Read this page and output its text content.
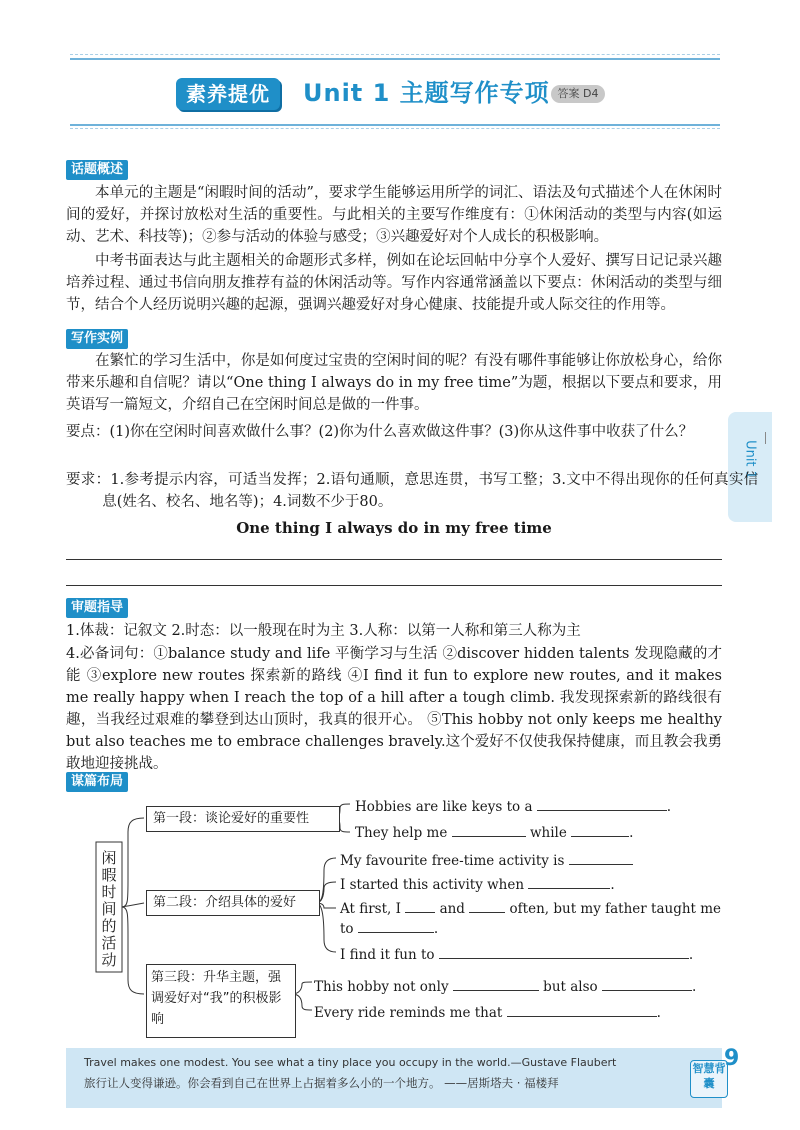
素养提优	Unit 1 主题写作专项 答案 D4
Unit 1
话题概述
本单元的主题是“闲暇时间的活动”，要求学生能够运用所学的词汇、语法及句式描述个人在休闲时间的爱好，并探讨放松对生活的重要性。与此相关的主要写作维度有：①休闲活动的类型与内容(如运动、艺术、科技等)；②参与活动的体验与感受；③兴趣爱好对个人成长的积极影响。
中考书面表达与此主题相关的命题形式多样，例如在论坛回帖中分享个人爱好、撰写日记记录兴趣培养过程、通过书信向朋友推荐有益的休闲活动等。写作内容通常涵盖以下要点：休闲活动的类型与细节，结合个人经历说明兴趣的起源，强调兴趣爱好对身心健康、技能提升或人际交往的作用等。
写作实例
在繁忙的学习生活中，你是如何度过宝贵的空闲时间的呢？有没有哪件事能够让你放松身心，给你带来乐趣和自信呢？请以“One thing I always do in my free time”为题，根据以下要点和要求，用英语写一篇短文，介绍自己在空闲时间总是做的一件事。
要点：(1)你在空闲时间喜欢做什么事？(2)你为什么喜欢做这件事？(3)你从这件事中收获了什么？
要求：1.参考提示内容，可适当发挥；2.语句通顺，意思连贯，书写工整；3.文中不得出现你的任何真实信息(姓名、校名、地名等)；4.词数不少于80。
One thing I always do in my free time
审题指导
1.体裁：记叙文 2.时态：以一般现在时为主 3.人称：以第一人称和第三人称为主
4.必备词句：①balance study and life 平衡学习与生活 ②discover hidden talents 发现隐藏的才能 ③explore new routes 探索新的路线 ④I find it fun to explore new routes, and it makes me really happy when I reach the top of a hill after a tough climb. 我发现探索新的路线很有趣，当我经过艰难的攀登到达山顶时，我真的很开心。 ⑤This hobby not only keeps me healthy but also teaches me to embrace challenges bravely.这个爱好不仅使我保持健康，而且教会我勇敢地迎接挑战。
谋篇布局
闲暇时间的活动
第一段：谈论爱好的重要性
第二段：介绍具体的爱好
第三段：升华主题，强调爱好对“我”的积极影响
Hobbies are like keys to a	.
They help me	while	.
My favourite free-time activity is
I started this activity when	.
At first, I	and	often, but my father taught me
to	.
I find it fun to	.
This hobby not only	but also	.
Every ride reminds me that	.
Travel makes one modest. You see what a tiny place you occupy in the world.—Gustave Flaubert
旅行让人变得谦逊。你会看到自己在世界上占据着多么小的一个地方。 ——居斯塔夫 · 福楼拜
智慧背囊
9
